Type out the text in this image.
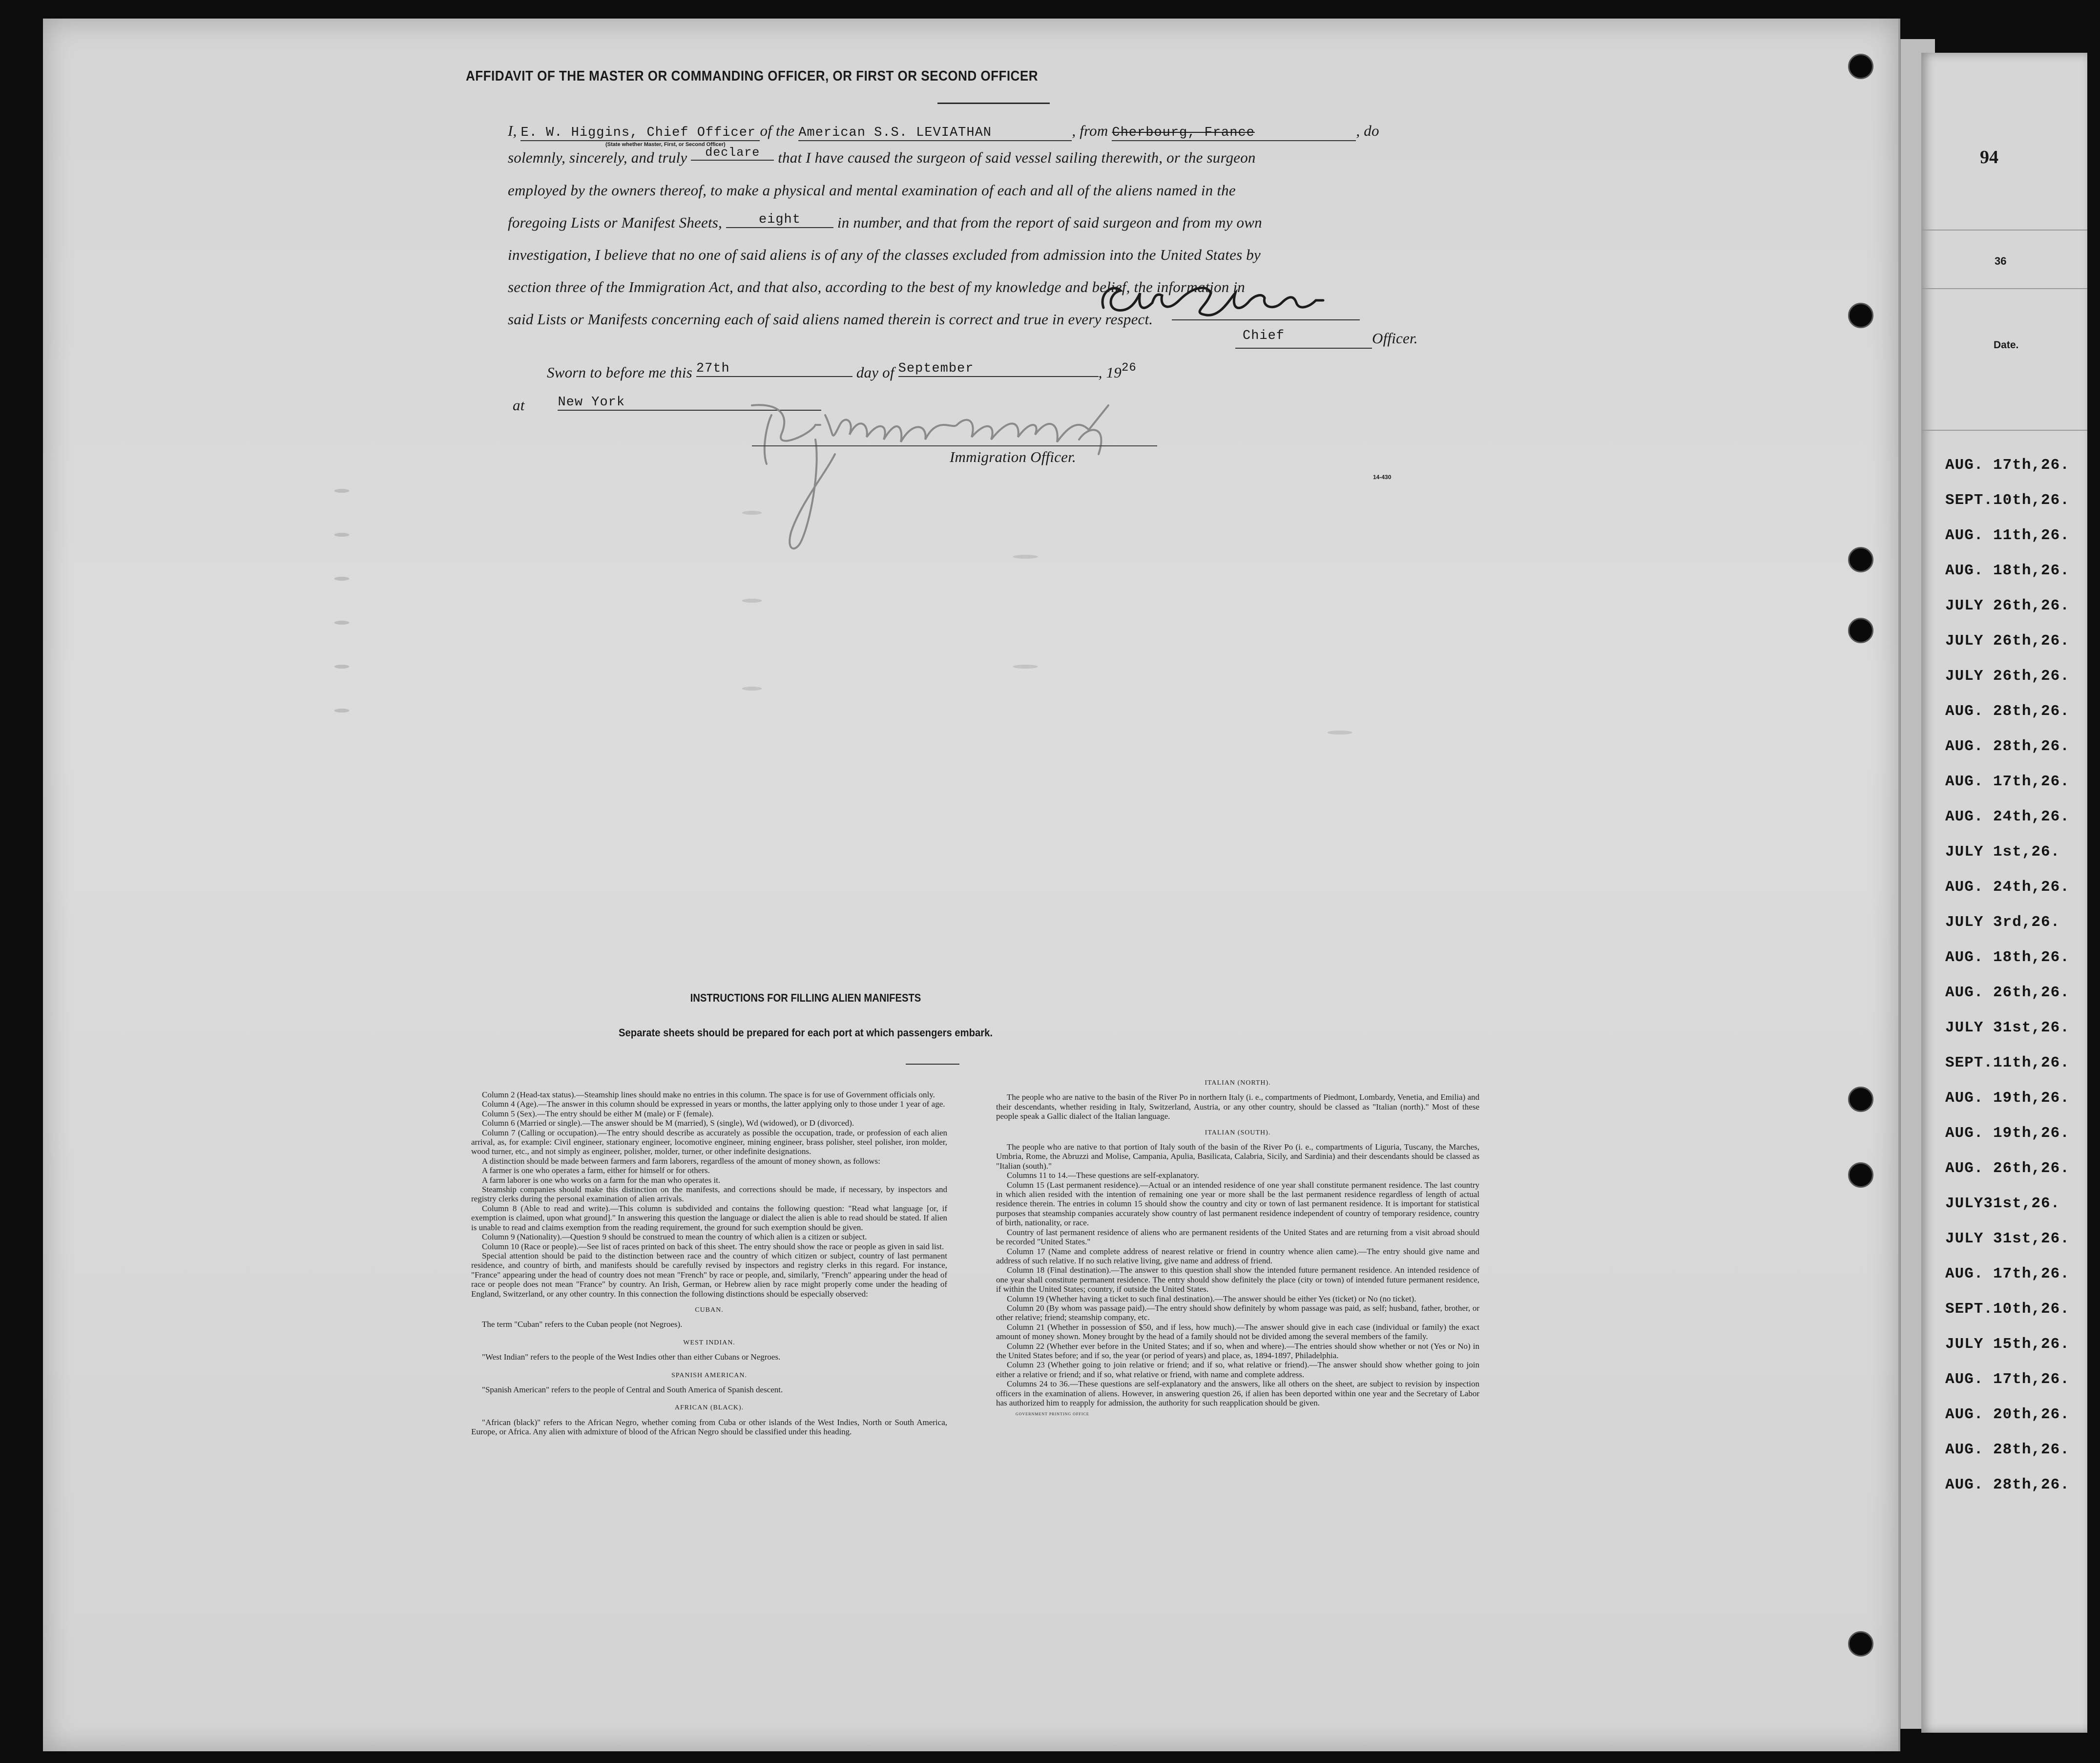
AFFIDAVIT OF THE MASTER OR COMMANDING OFFICER, OR FIRST OR SECOND OFFICER
I, E. W. Higgins, Chief Officer of the American S.S. LEVIATHAN	, from Cherbourg, France	, do
(State whether Master, First, or Second Officer)
solemnly, sincerely, and truly declare that I have caused the surgeon of said vessel sailing therewith, or the surgeon
employed by the owners thereof, to make a physical and mental examination of each and all of the aliens named in the
foregoing Lists or Manifest Sheets,	eight in number, and that from the report of said surgeon and from my own
investigation, I believe that no one of said aliens is of any of the classes excluded from admission into the United States by
section three of the Immigration Act, and that also, according to the best of my knowledge and belief, the information in
said Lists or Manifests concerning each of said aliens named therein is correct and true in every respect.
Chief	Officer.
Sworn to before me this 27th	day of September	, $19^{26}$
at	New York
Immigration Officer.
14-430
INSTRUCTIONS FOR FILLING ALIEN MANIFESTS
Separate sheets should be prepared for each port at which passengers embark.

Column 2 (Head-tax status).—Steamship lines should make no entries in this column. The space is for use of Government officials only.

Column 4 (Age).—The answer in this column should be expressed in years or months, the latter applying only to those under 1 year of age.

Column 5 (Sex).—The entry should be either M (male) or F (female).

Column 6 (Married or single).—The answer should be M (married), S (single), Wd (widowed), or D (divorced).

Column 7 (Calling or occupation).—The entry should describe as accurately as possible the occupation, trade, or profession of each alien arrival, as, for example: Civil engineer, stationary engineer, locomotive engineer, mining engineer, brass polisher, steel polisher, iron molder, wood turner, etc., and not simply as engineer, polisher, molder, turner, or other indefinite designations.

A distinction should be made between farmers and farm laborers, regardless of the amount of money shown, as follows:

A farmer is one who operates a farm, either for himself or for others.

A farm laborer is one who works on a farm for the man who operates it.

Steamship companies should make this distinction on the manifests, and corrections should be made, if necessary, by inspectors and registry clerks during the personal examination of alien arrivals.

Column 8 (Able to read and write).—This column is subdivided and contains the following question: "Read what language [or, if exemption is claimed, upon what ground]." In answering this question the language or dialect the alien is able to read should be stated. If alien is unable to read and claims exemption from the reading requirement, the ground for such exemption should be given.

Column 9 (Nationality).—Question 9 should be construed to mean the country of which alien is a citizen or subject.

Column 10 (Race or people).—See list of races printed on back of this sheet. The entry should show the race or people as given in said list.

Special attention should be paid to the distinction between race and the country of which citizen or subject, country of last permanent residence, and country of birth, and manifests should be carefully revised by inspectors and registry clerks in this regard. For instance, "France" appearing under the head of country does not mean "French" by race or people, and, similarly, "French" appearing under the head of race or people does not mean "France" by country. An Irish, German, or Hebrew alien by race might properly come under the heading of England, Switzerland, or any other country. In this connection the following distinctions should be especially observed:

CUBAN.

The term "Cuban" refers to the Cuban people (not Negroes).

WEST INDIAN.

"West Indian" refers to the people of the West Indies other than either Cubans or Negroes.

SPANISH AMERICAN.

"Spanish American" refers to the people of Central and South America of Spanish descent.

AFRICAN (BLACK).

"African (black)" refers to the African Negro, whether coming from Cuba or other islands of the West Indies, North or South America, Europe, or Africa. Any alien with admixture of blood of the African Negro should be classified under this heading.

ITALIAN (NORTH).

The people who are native to the basin of the River Po in northern Italy (i. e., compartments of Piedmont, Lombardy, Venetia, and Emilia) and their descendants, whether residing in Italy, Switzerland, Austria, or any other country, should be classed as "Italian (north)." Most of these people speak a Gallic dialect of the Italian language.

ITALIAN (SOUTH).

The people who are native to that portion of Italy south of the basin of the River Po (i. e., compartments of Liguria, Tuscany, the Marches, Umbria, Rome, the Abruzzi and Molise, Campania, Apulia, Basilicata, Calabria, Sicily, and Sardinia) and their descendants should be classed as "Italian (south)."

Columns 11 to 14.—These questions are self-explanatory.

Column 15 (Last permanent residence).—Actual or an intended residence of one year shall constitute permanent residence. The last country in which alien resided with the intention of remaining one year or more shall be the last permanent residence regardless of length of actual residence therein. The entries in column 15 should show the country and city or town of last permanent residence. It is important for statistical purposes that steamship companies accurately show country of last permanent residence independent of country of temporary residence, country of birth, nationality, or race.

Country of last permanent residence of aliens who are permanent residents of the United States and are returning from a visit abroad should be recorded "United States."

Column 17 (Name and complete address of nearest relative or friend in country whence alien came).—The entry should give name and address of such relative. If no such relative living, give name and address of friend.

Column 18 (Final destination).—The answer to this question shall show the intended future permanent residence. An intended residence of one year shall constitute permanent residence. The entry should show definitely the place (city or town) of intended future permanent residence, if within the United States; country, if outside the United States.

Column 19 (Whether having a ticket to such final destination).—The answer should be either Yes (ticket) or No (no ticket).

Column 20 (By whom was passage paid).—The entry should show definitely by whom passage was paid, as self; husband, father, brother, or other relative; friend; steamship company, etc.

Column 21 (Whether in possession of $50, and if less, how much).—The answer should give in each case (individual or family) the exact amount of money shown. Money brought by the head of a family should not be divided among the several members of the family.

Column 22 (Whether ever before in the United States; and if so, when and where).—The entries should show whether or not (Yes or No) in the United States before; and if so, the year (or period of years) and place, as, 1894-1897, Philadelphia.

Column 23 (Whether going to join relative or friend; and if so, what relative or friend).—The answer should show whether going to join either a relative or friend; and if so, what relative or friend, with name and complete address.

Columns 24 to 36.—These questions are self-explanatory and the answers, like all others on the sheet, are subject to revision by inspection officers in the examination of aliens. However, in answering question 26, if alien has been deported within one year and the Secretary of Labor has authorized him to reapply for admission, the authority for such reapplication should be given.

GOVERNMENT PRINTING OFFICE

94
36
Date.
AUG. 17th,26.
SEPT.10th,26.
AUG. 11th,26.
AUG. 18th,26.
JULY 26th,26.
JULY 26th,26.
JULY 26th,26.
AUG. 28th,26.
AUG. 28th,26.
AUG. 17th,26.
AUG. 24th,26.
JULY 1st,26.
AUG. 24th,26.
JULY 3rd,26.
AUG. 18th,26.
AUG. 26th,26.
JULY 31st,26.
SEPT.11th,26.
AUG. 19th,26.
AUG. 19th,26.
AUG. 26th,26.
JULY31st,26.
JULY 31st,26.
AUG. 17th,26.
SEPT.10th,26.
JULY 15th,26.
AUG. 17th,26.
AUG. 20th,26.
AUG. 28th,26.
AUG. 28th,26.
